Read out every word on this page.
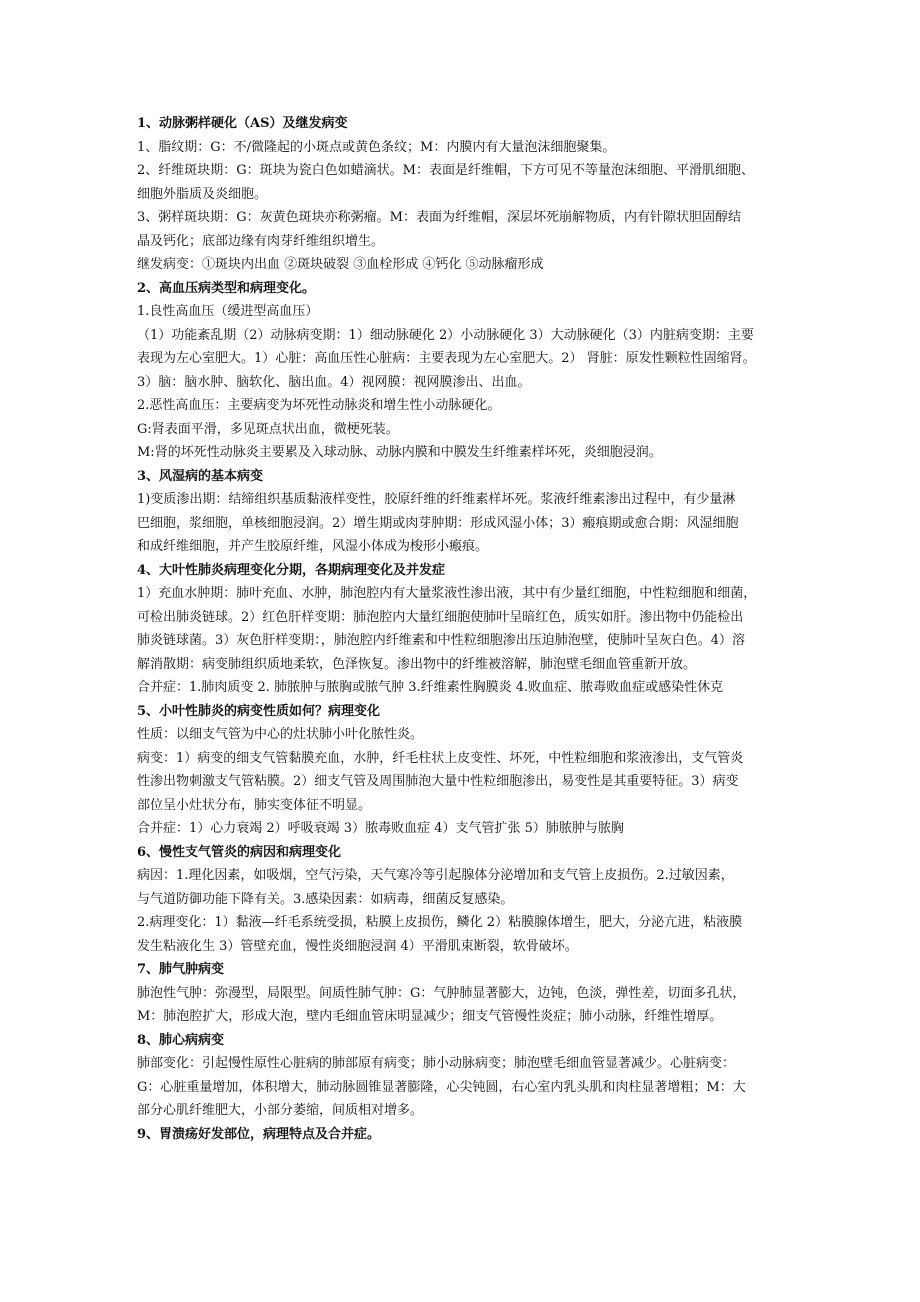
1、动脉粥样硬化（AS）及继发病变
1、脂纹期：G：不/微隆起的小斑点或黄色条纹；M：内膜内有大量泡沫细胞聚集。
2、纤维斑块期：G：斑块为瓷白色如蜡滴状。M：表面是纤维帽，下方可见不等量泡沫细胞、平滑肌细胞、
细胞外脂质及炎细胞。
3、粥样斑块期：G：灰黄色斑块亦称粥瘤。M：表面为纤维帽，深层坏死崩解物质，内有针隙状胆固醇结
晶及钙化；底部边缘有肉芽纤维组织增生。
继发病变：①斑块内出血 ②斑块破裂 ③血栓形成 ④钙化 ⑤动脉瘤形成
2、高血压病类型和病理变化。
1.良性高血压（缓进型高血压）
（1）功能紊乱期（2）动脉病变期：1）细动脉硬化 2）小动脉硬化 3）大动脉硬化（3）内脏病变期：主要
表现为左心室肥大。1）心脏：高血压性心脏病：主要表现为左心室肥大。2） 肾脏：原发性颗粒性固缩肾。
3）脑：脑水肿、脑软化、脑出血。4）视网膜：视网膜渗出、出血。
2.恶性高血压：主要病变为坏死性动脉炎和增生性小动脉硬化。
G:肾表面平滑，多见斑点状出血，微梗死装。
M:肾的坏死性动脉炎主要累及入球动脉、动脉内膜和中膜发生纤维素样坏死，炎细胞浸润。
3、风湿病的基本病变
1)变质渗出期：结缔组织基质黏液样变性，胶原纤维的纤维素样坏死。浆液纤维素渗出过程中，有少量淋
巴细胞，浆细胞，单核细胞浸润。2）增生期或肉芽肿期：形成风湿小体；3）瘢痕期或愈合期：风湿细胞
和成纤维细胞，并产生胶原纤维，风湿小体成为梭形小瘢痕。
4、大叶性肺炎病理变化分期，各期病理变化及并发症
1）充血水肿期：肺叶充血、水肿，肺泡腔内有大量浆液性渗出液，其中有少量红细胞，中性粒细胞和细菌，
可检出肺炎链球。2）红色肝样变期：肺泡腔内大量红细胞使肺叶呈暗红色，质实如肝。渗出物中仍能检出
肺炎链球菌。3）灰色肝样变期：，肺泡腔内纤维素和中性粒细胞渗出压迫肺泡壁，使肺叶呈灰白色。4）溶
解消散期：病变肺组织质地柔软，色泽恢复。渗出物中的纤维被溶解，肺泡壁毛细血管重新开放。
合并症：1.肺肉质变 2. 肺脓肿与脓胸或脓气肿 3.纤维素性胸膜炎 4.败血症、脓毒败血症或感染性休克
5、小叶性肺炎的病变性质如何？病理变化
性质：以细支气管为中心的灶状肺小叶化脓性炎。
病变：1）病变的细支气管黏膜充血，水肿，纤毛柱状上皮变性、坏死，中性粒细胞和浆液渗出，支气管炎
性渗出物刺激支气管粘膜。2）细支气管及周围肺泡大量中性粒细胞渗出，易变性是其重要特征。3）病变
部位呈小灶状分布，肺实变体征不明显。
合并症：1）心力衰竭 2）呼吸衰竭 3）脓毒败血症 4）支气管扩张 5）肺脓肿与脓胸
6、慢性支气管炎的病因和病理变化
病因：1.理化因素，如吸烟，空气污染，天气寒冷等引起腺体分泌增加和支气管上皮损伤。2.过敏因素，
与气道防御功能下降有关。3.感染因素：如病毒，细菌反复感染。
2.病理变化：1）黏液—纤毛系统受损，粘膜上皮损伤，鳞化 2）粘膜腺体增生，肥大，分泌亢进，粘液膜
发生粘液化生 3）管壁充血，慢性炎细胞浸润 4）平滑肌束断裂，软骨破坏。
7、肺气肿病变
肺泡性气肿：弥漫型，局限型。间质性肺气肿：G：气肿肺显著膨大，边钝，色淡，弹性差，切面多孔状，
M：肺泡腔扩大，形成大泡，壁内毛细血管床明显减少；细支气管慢性炎症；肺小动脉，纤维性增厚。
8、肺心病病变
肺部变化：引起慢性原性心脏病的肺部原有病变；肺小动脉病变；肺泡壁毛细血管显著减少。心脏病变：
G：心脏重量增加，体积增大，肺动脉圆锥显著膨隆，心尖钝圆，右心室内乳头肌和肉柱显著增粗；M：大
部分心肌纤维肥大，小部分萎缩，间质相对增多。
9、胃溃疡好发部位，病理特点及合并症。
